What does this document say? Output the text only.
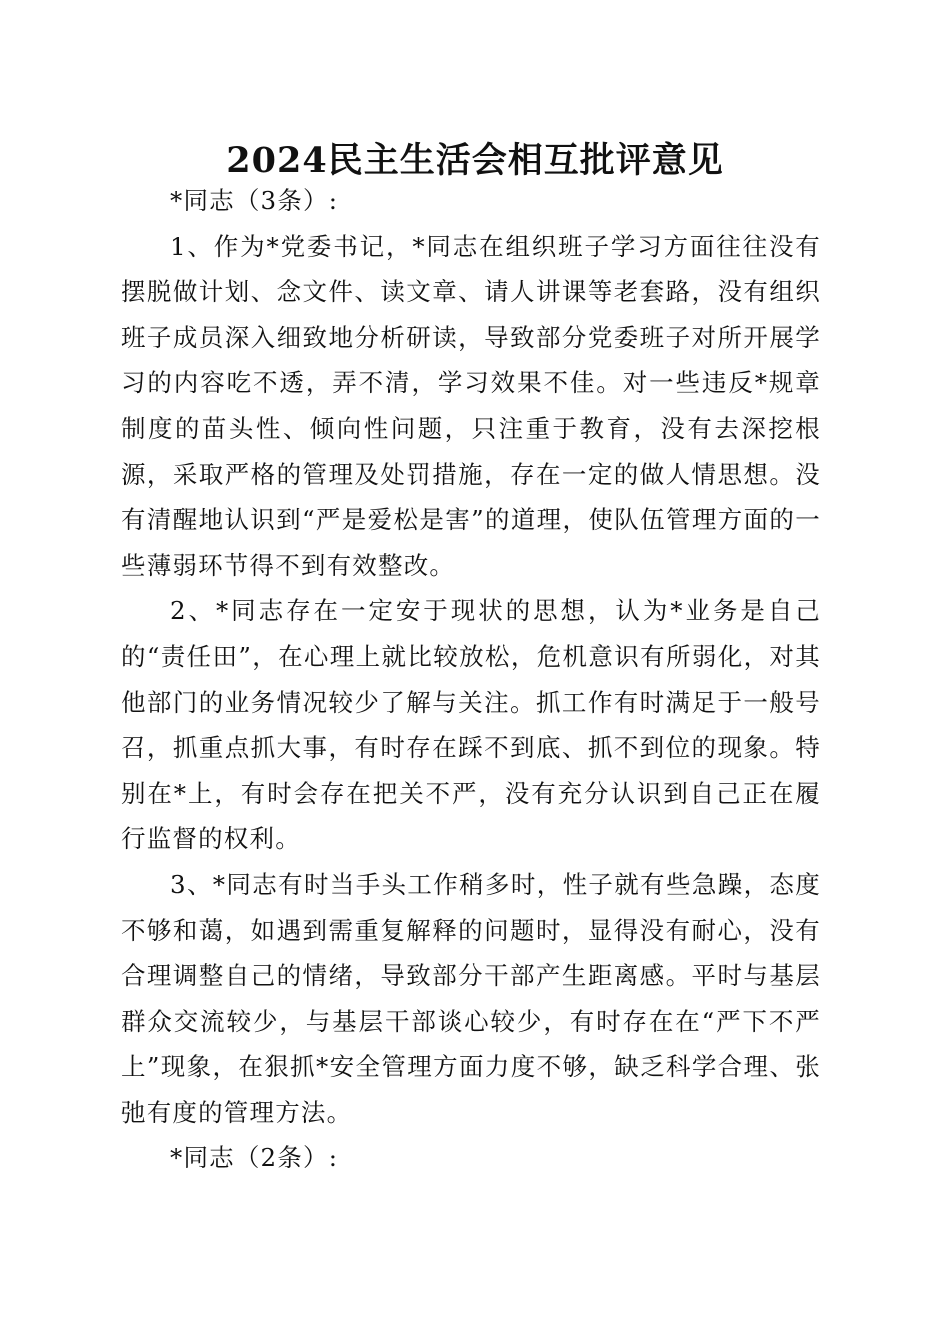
2024民主生活会相互批评意见

*同志（3条）:

1、作为*党委书记，*同志在组织班子学习方面往往没有摆脱做计划、念文件、读文章、请人讲课等老套路，没有组织班子成员深入细致地分析研读，导致部分党委班子对所开展学习的内容吃不透，弄不清，学习效果不佳。对一些违反*规章制度的苗头性、倾向性问题，只注重于教育，没有去深挖根源，采取严格的管理及处罚措施，存在一定的做人情思想。没有清醒地认识到“严是爱松是害”的道理，使队伍管理方面的一些薄弱环节得不到有效整改。

2、*同志存在一定安于现状的思想，认为*业务是自己的“责任田”，在心理上就比较放松，危机意识有所弱化，对其他部门的业务情况较少了解与关注。抓工作有时满足于一般号召，抓重点抓大事，有时存在踩不到底、抓不到位的现象。特别在*上，有时会存在把关不严，没有充分认识到自己正在履行监督的权利。

3、*同志有时当手头工作稍多时，性子就有些急躁，态度不够和蔼，如遇到需重复解释的问题时，显得没有耐心，没有合理调整自己的情绪，导致部分干部产生距离感。平时与基层群众交流较少，与基层干部谈心较少，有时存在在“严下不严上”现象，在狠抓*安全管理方面力度不够，缺乏科学合理、张弛有度的管理方法。

*同志（2条）:
